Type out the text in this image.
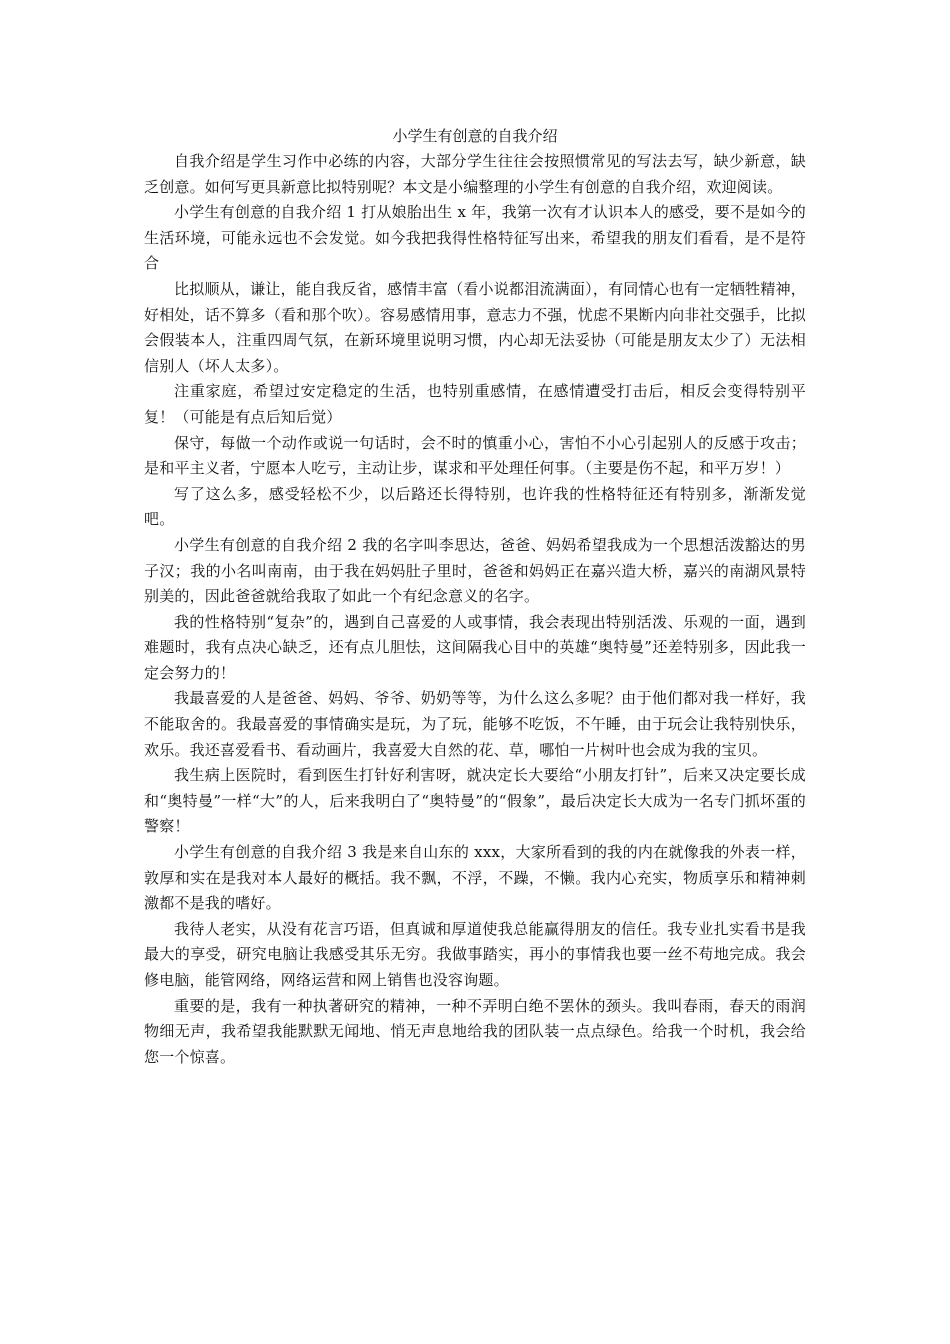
小学生有创意的自我介绍

自我介绍是学生习作中必练的内容，大部分学生往往会按照惯常见的写法去写，缺少新意，缺乏创意。如何写更具新意比拟特别呢？本文是小编整理的小学生有创意的自我介绍，欢迎阅读。

小学生有创意的自我介绍 1 打从娘胎出生 x 年，我第一次有才认识本人的感受，要不是如今的生活环境，可能永远也不会发觉。如今我把我得性格特征写出来，希望我的朋友们看看，是不是符合

比拟顺从，谦让，能自我反省，感情丰富（看小说都泪流满面），有同情心也有一定牺牲精神，好相处，话不算多（看和那个吹）。容易感情用事，意志力不强，忧虑不果断内向非社交强手，比拟会假装本人，注重四周气氛，在新环境里说明习惯，内心却无法妥协（可能是朋友太少了）无法相信别人（坏人太多）。

注重家庭，希望过安定稳定的生活，也特别重感情，在感情遭受打击后，相反会变得特别平复！（可能是有点后知后觉）

保守，每做一个动作或说一句话时，会不时的慎重小心，害怕不小心引起别人的反感于攻击；是和平主义者，宁愿本人吃亏，主动让步，谋求和平处理任何事。（主要是伤不起，和平万岁！）

写了这么多，感受轻松不少，以后路还长得特别，也许我的性格特征还有特别多，渐渐发觉吧。

小学生有创意的自我介绍 2 我的名字叫李思达，爸爸、妈妈希望我成为一个思想活泼豁达的男子汉；我的小名叫南南，由于我在妈妈肚子里时，爸爸和妈妈正在嘉兴造大桥，嘉兴的南湖风景特别美的，因此爸爸就给我取了如此一个有纪念意义的名字。

我的性格特别“复杂”的，遇到自己喜爱的人或事情，我会表现出特别活泼、乐观的一面，遇到难题时，我有点决心缺乏，还有点儿胆怯，这间隔我心目中的英雄“奥特曼”还差特别多，因此我一定会努力的！

我最喜爱的人是爸爸、妈妈、爷爷、奶奶等等，为什么这么多呢？由于他们都对我一样好，我不能取舍的。我最喜爱的事情确实是玩，为了玩，能够不吃饭，不午睡，由于玩会让我特别快乐，欢乐。我还喜爱看书、看动画片，我喜爱大自然的花、草，哪怕一片树叶也会成为我的宝贝。

我生病上医院时，看到医生打针好利害呀，就决定长大要给“小朋友打针”，后来又决定要长成和“奥特曼”一样“大”的人，后来我明白了“奥特曼”的“假象”，最后决定长大成为一名专门抓坏蛋的警察！

小学生有创意的自我介绍 3 我是来自山东的 xxx，大家所看到的我的内在就像我的外表一样，敦厚和实在是我对本人最好的概括。我不飘，不浮，不躁，不懒。我内心充实，物质享乐和精神刺激都不是我的嗜好。

我待人老实，从没有花言巧语，但真诚和厚道使我总能赢得朋友的信任。我专业扎实看书是我最大的享受，研究电脑让我感受其乐无穷。我做事踏实，再小的事情我也要一丝不苟地完成。我会修电脑，能管网络，网络运营和网上销售也没容询题。

重要的是，我有一种执著研究的精神，一种不弄明白绝不罢休的颈头。我叫春雨，春天的雨润物细无声，我希望我能默默无闻地、悄无声息地给我的团队装一点点绿色。给我一个时机，我会给您一个惊喜。
